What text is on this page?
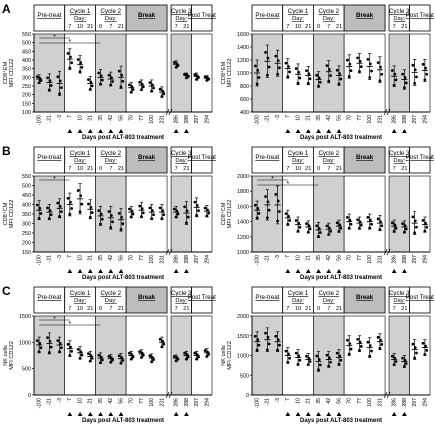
A
B
C
Pre-treat
Cycle 1
Day:
7 10 21
Cycle 2
Day:
0 7 21
Break
Cycle 3
Day:
7 21
Post Treat
100
150
200
250
300
350
400
450
500
550
CD8⁺EM MFI CD122
-100 -21 -3 7 10 21 35 42 56 70 77 100 231 286 288 297 294
Days post ALT-803 treatment
*
*
Pre-treat
Cycle 1
Day:
7 10 21
Cycle 2
Day:
0 7 21
Break
Cycle 3
Day:
7 21
Post Treat
400
600
800
1000
1200
1400
1600
CD8⁺EM MFI CD122
-100 -21 -3 7 10 21 35 42 56 70 77 100 231 286 288 297 294
Days post ALT-803 treatment
Pre-treat
Cycle 1
Day:
7 10 21
Cycle 2
Day:
0 7 21
Break
Cycle 3
Day:
7 21
Post Treat
150
200
250
300
350
400
450
500
550
CD8⁺CM MFI CD122
-100 -21 -3 7 10 21 35 42 56 70 77 100 231 286 288 297 294
Days post ALT-803 treatment
*
Pre-treat
Cycle 1
Day:
7 10 21
Cycle 2
Day:
0 7 21
Break
Cycle 3
Day:
7 21
Post Treat
1000
1200
1400
1600
1800
2000
CD8⁺CM MFI CD122
-100 -21 -3 7 10 21 35 42 56 70 77 100 231 286 288 297 294
Days post ALT-803 treatment
*
*
Pre-treat
Cycle 1
Day:
7 10 21
Cycle 2
Day:
0 7 21
Break
Cycle 3
Day:
7 21
Post Treat
0
500
1000
1500
NK cells MFI CD122
-100 -21 -3 7 10 21 35 42 56 70 77 100 231 286 288 297 294
Days post ALT-803 treatment
*
*
Pre-treat
Cycle 1
Day:
7 10 21
Cycle 2
Day:
0 7 21
Break
Cycle 3
Day:
7 21
Post Treat
0
500
1000
1500
2000
NK cells MFI CD122
-100 -21 -3 7 10 21 35 42 56 70 77 100 231 286 288 297 294
Days post ALT-803 treatment
